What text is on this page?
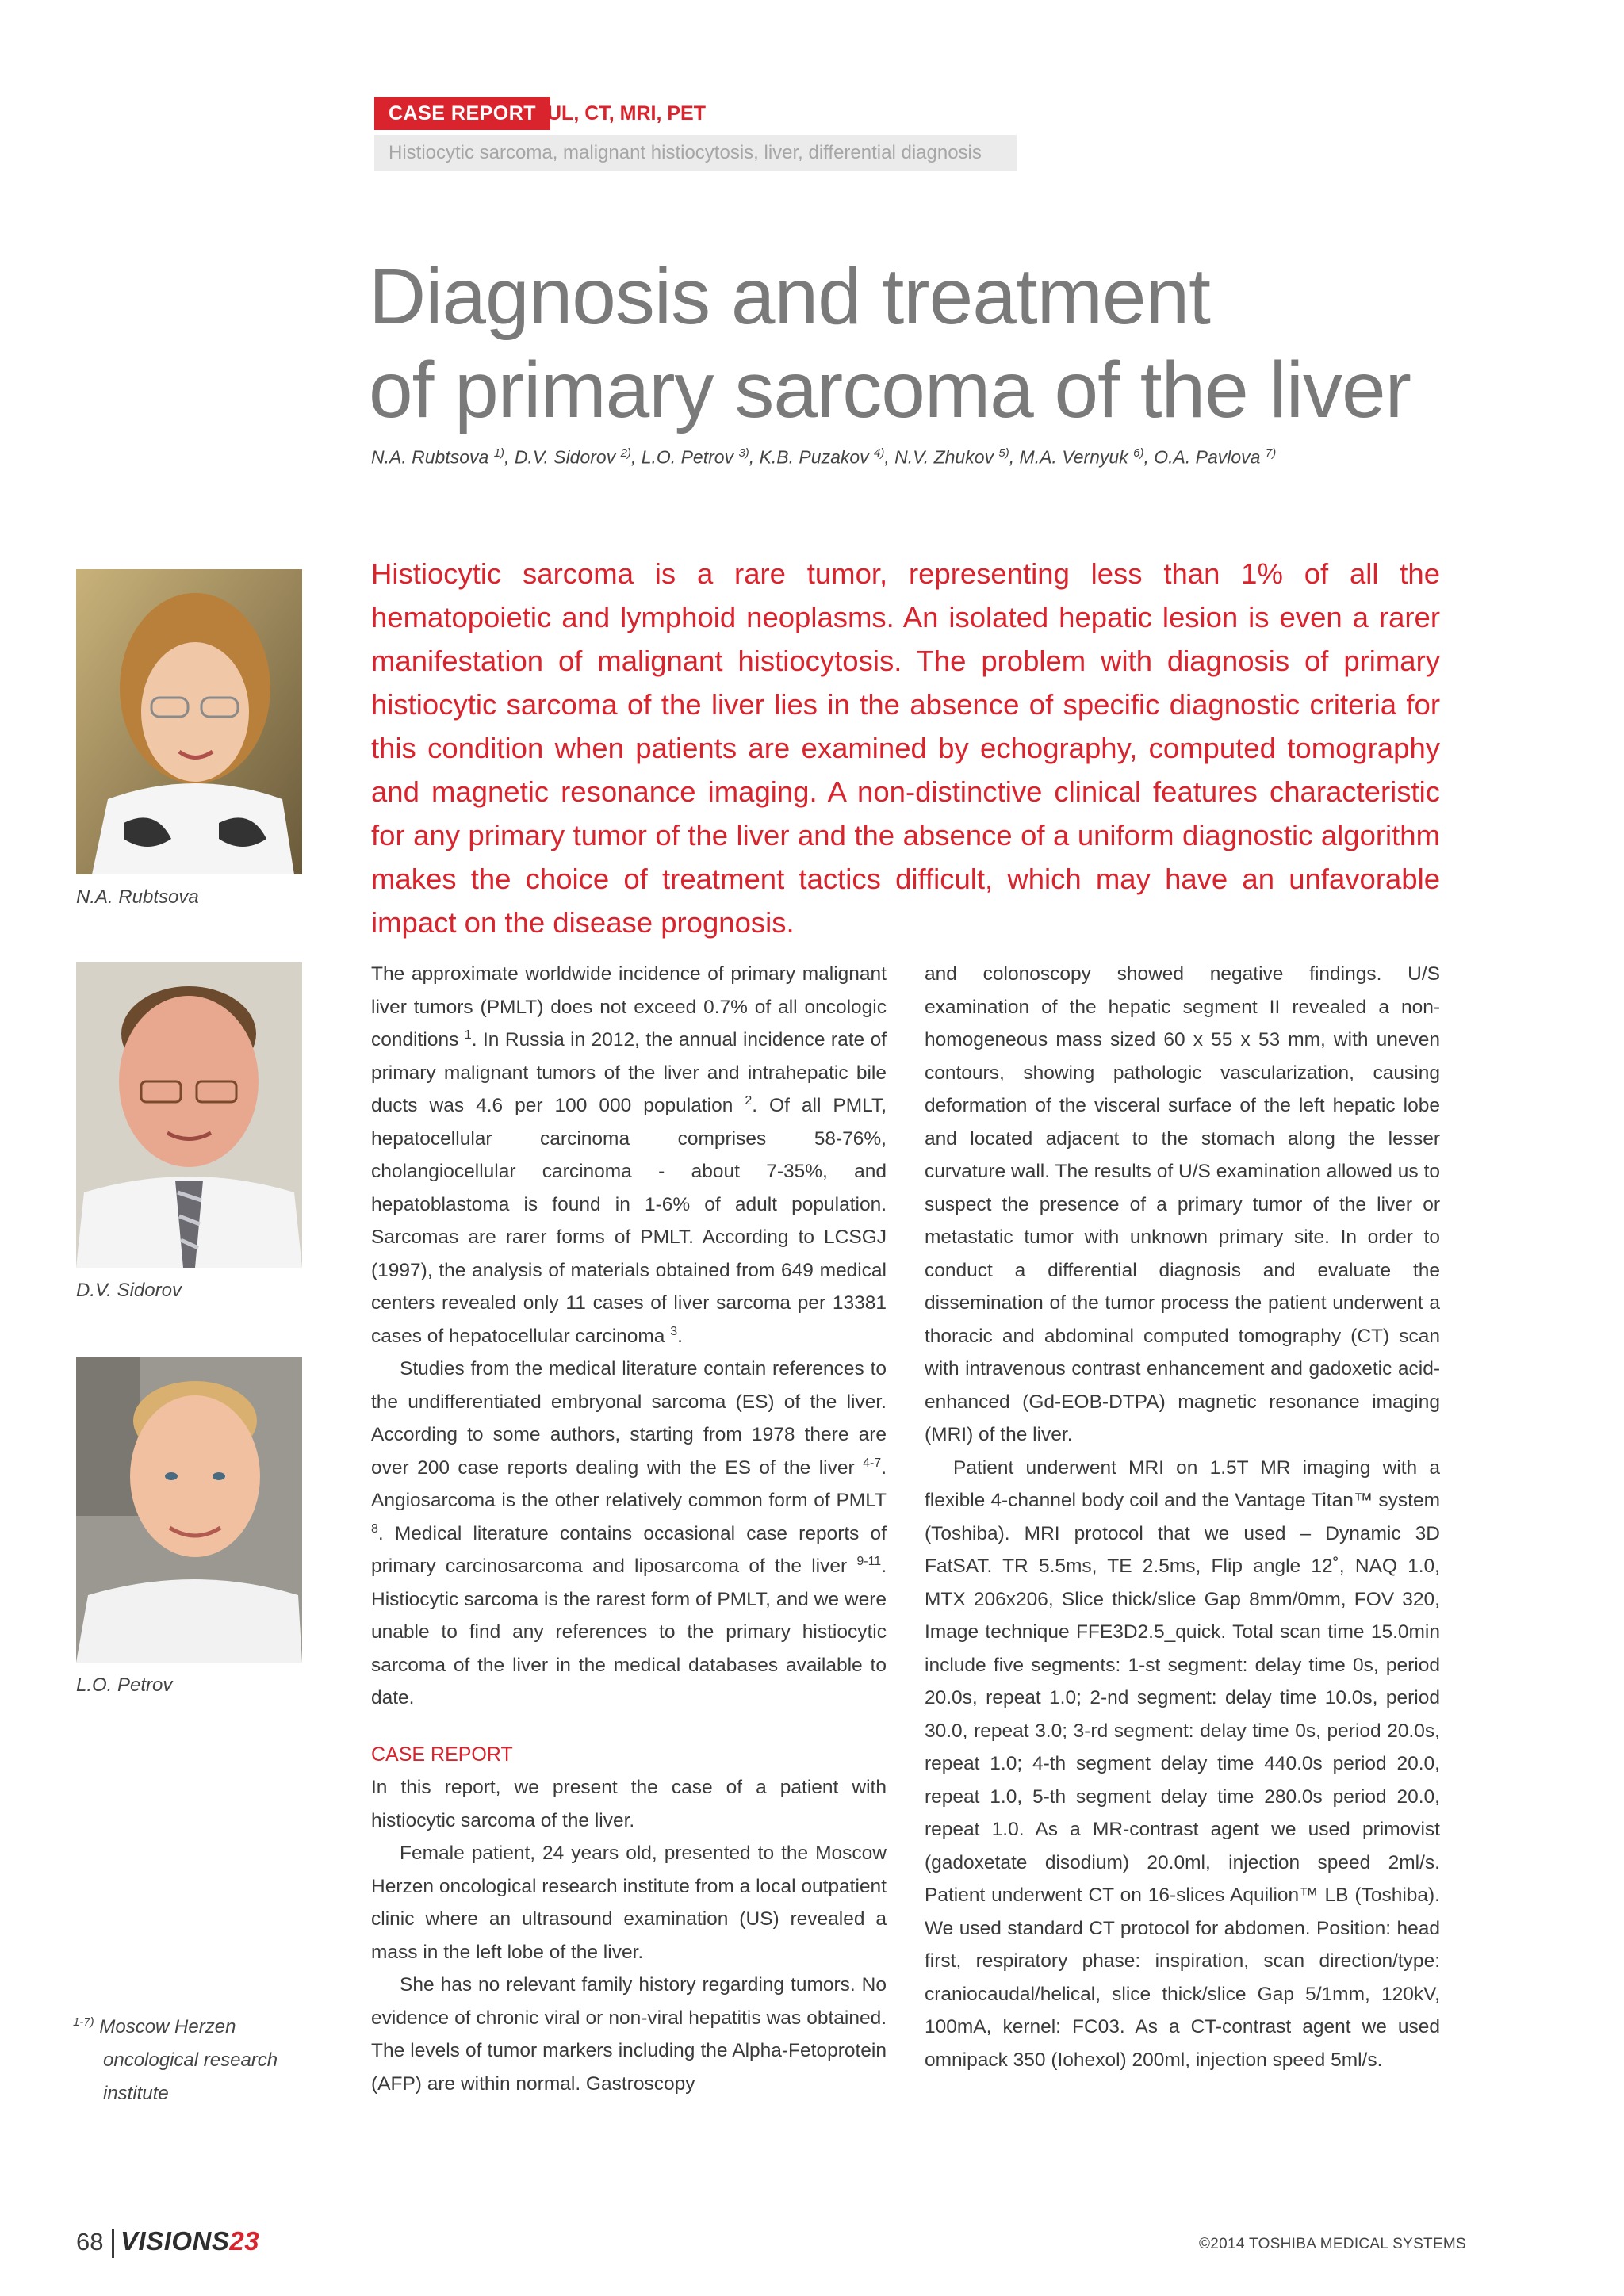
CASE REPORT UL, CT, MRI, PET
Histiocytic sarcoma, malignant histiocytosis, liver, differential diagnosis
Diagnosis and treatment
of primary sarcoma of the liver
N.A. Rubtsova $^{1)}$, D.V. Sidorov $^{2)}$, L.O. Petrov $^{3)}$, K.B. Puzakov $^{4)}$, N.V. Zhukov $^{5)}$, M.A. Vernyuk $^{6)}$, O.A. Pavlova $^{7)}$

Histiocytic sarcoma is a rare tumor, representing less than 1% of all the hematopoietic and lymphoid neoplasms. An isolated hepatic lesion is even a rarer manifestation of malignant histiocytosis. The problem with diagnosis of primary histiocytic sarcoma of the liver lies in the absence of specific diagnostic criteria for this condition when patients are examined by echography, computed tomography and magnetic resonance imaging. A non-distinctive clinical features characteristic for any primary tumor of the liver and the absence of a uniform diagnostic algorithm makes the choice of treatment tactics difficult, which may have an unfavorable impact on the disease prognosis.

N.A. Rubtsova
D.V. Sidorov
L.O. Petrov
$^{1-7)}$ Moscow Herzen
oncological research
institute

The approximate worldwide incidence of primary malignant liver tumors (PMLT) does not exceed 0.7% of all oncologic conditions $^1$. In Russia in 2012, the annual incidence rate of primary malignant tumors of the liver and intrahepatic bile ducts was 4.6 per 100 000 population $^2$. Of all PMLT, hepatocellular carcinoma comprises 58-76%, cholangiocellular carcinoma - about 7-35%, and hepatoblastoma is found in 1-6% of adult population. Sarcomas are rarer forms of PMLT. According to LCSGJ (1997), the analysis of materials obtained from 649 medical centers revealed only 11 cases of liver sarcoma per 13381 cases of hepatocellular carcinoma $^3$.

Studies from the medical literature contain references to the undifferentiated embryonal sarcoma (ES) of the liver. According to some authors, starting from 1978 there are over 200 case reports dealing with the ES of the liver $^{4-7}$. Angiosarcoma is the other relatively common form of PMLT $^8$. Medical literature contains occasional case reports of primary carcinosarcoma and liposarcoma of the liver $^{9-11}$. Histiocytic sarcoma is the rarest form of PMLT, and we were unable to find any references to the primary histiocytic sarcoma of the liver in the medical databases available to date.

CASE REPORT

In this report, we present the case of a patient with histiocytic sarcoma of the liver.

Female patient, 24 years old, presented to the Moscow Herzen oncological research institute from a local outpatient clinic where an ultrasound examination (US) revealed a mass in the left lobe of the liver.

She has no relevant family history regarding tumors. No evidence of chronic viral or non-viral hepatitis was obtained. The levels of tumor markers including the Alpha-Fetoprotein (AFP) are within normal. Gastroscopy

and colonoscopy showed negative findings. U/S examination of the hepatic segment II revealed a non-homogeneous mass sized 60 x 55 x 53 mm, with uneven contours, showing pathologic vascularization, causing deformation of the visceral surface of the left hepatic lobe and located adjacent to the stomach along the lesser curvature wall. The results of U/S examination allowed us to suspect the presence of a primary tumor of the liver or metastatic tumor with unknown primary site. In order to conduct a differential diagnosis and evaluate the dissemination of the tumor process the patient underwent a thoracic and abdominal computed tomography (CT) scan with intravenous contrast enhancement and gadoxetic acid-enhanced (Gd-EOB-DTPA) magnetic resonance imaging (MRI) of the liver.

Patient underwent MRI on 1.5T MR imaging with a flexible 4-channel body coil and the Vantage Titan™ system (Toshiba). MRI protocol that we used – Dynamic 3D FatSAT. TR 5.5ms, TE 2.5ms, Flip angle 12˚, NAQ 1.0, MTX 206x206, Slice thick/slice Gap 8mm/0mm, FOV 320, Image technique FFE3D2.5_quick. Total scan time 15.0min include five segments: 1-st segment: delay time 0s, period 20.0s, repeat 1.0; 2-nd segment: delay time 10.0s, period 30.0, repeat 3.0; 3-rd segment: delay time 0s, period 20.0s, repeat 1.0; 4-th segment delay time 440.0s period 20.0, repeat 1.0, 5-th segment delay time 280.0s period 20.0, repeat 1.0. As a MR-contrast agent we used primovist (gadoxetate disodium) 20.0ml, injection speed 2ml/s. Patient underwent CT on 16-slices Aquilion™ LB (Toshiba). We used standard CT protocol for abdomen. Position: head first, respiratory phase: inspiration, scan direction/type: craniocaudal/helical, slice thick/slice Gap 5/1mm, 120kV, 100mA, kernel: FC03. As a CT-contrast agent we used omnipack 350 (Iohexol) 200ml, injection speed 5ml/s.

68 VISIONS23	©2014 TOSHIBA MEDICAL SYSTEMS
